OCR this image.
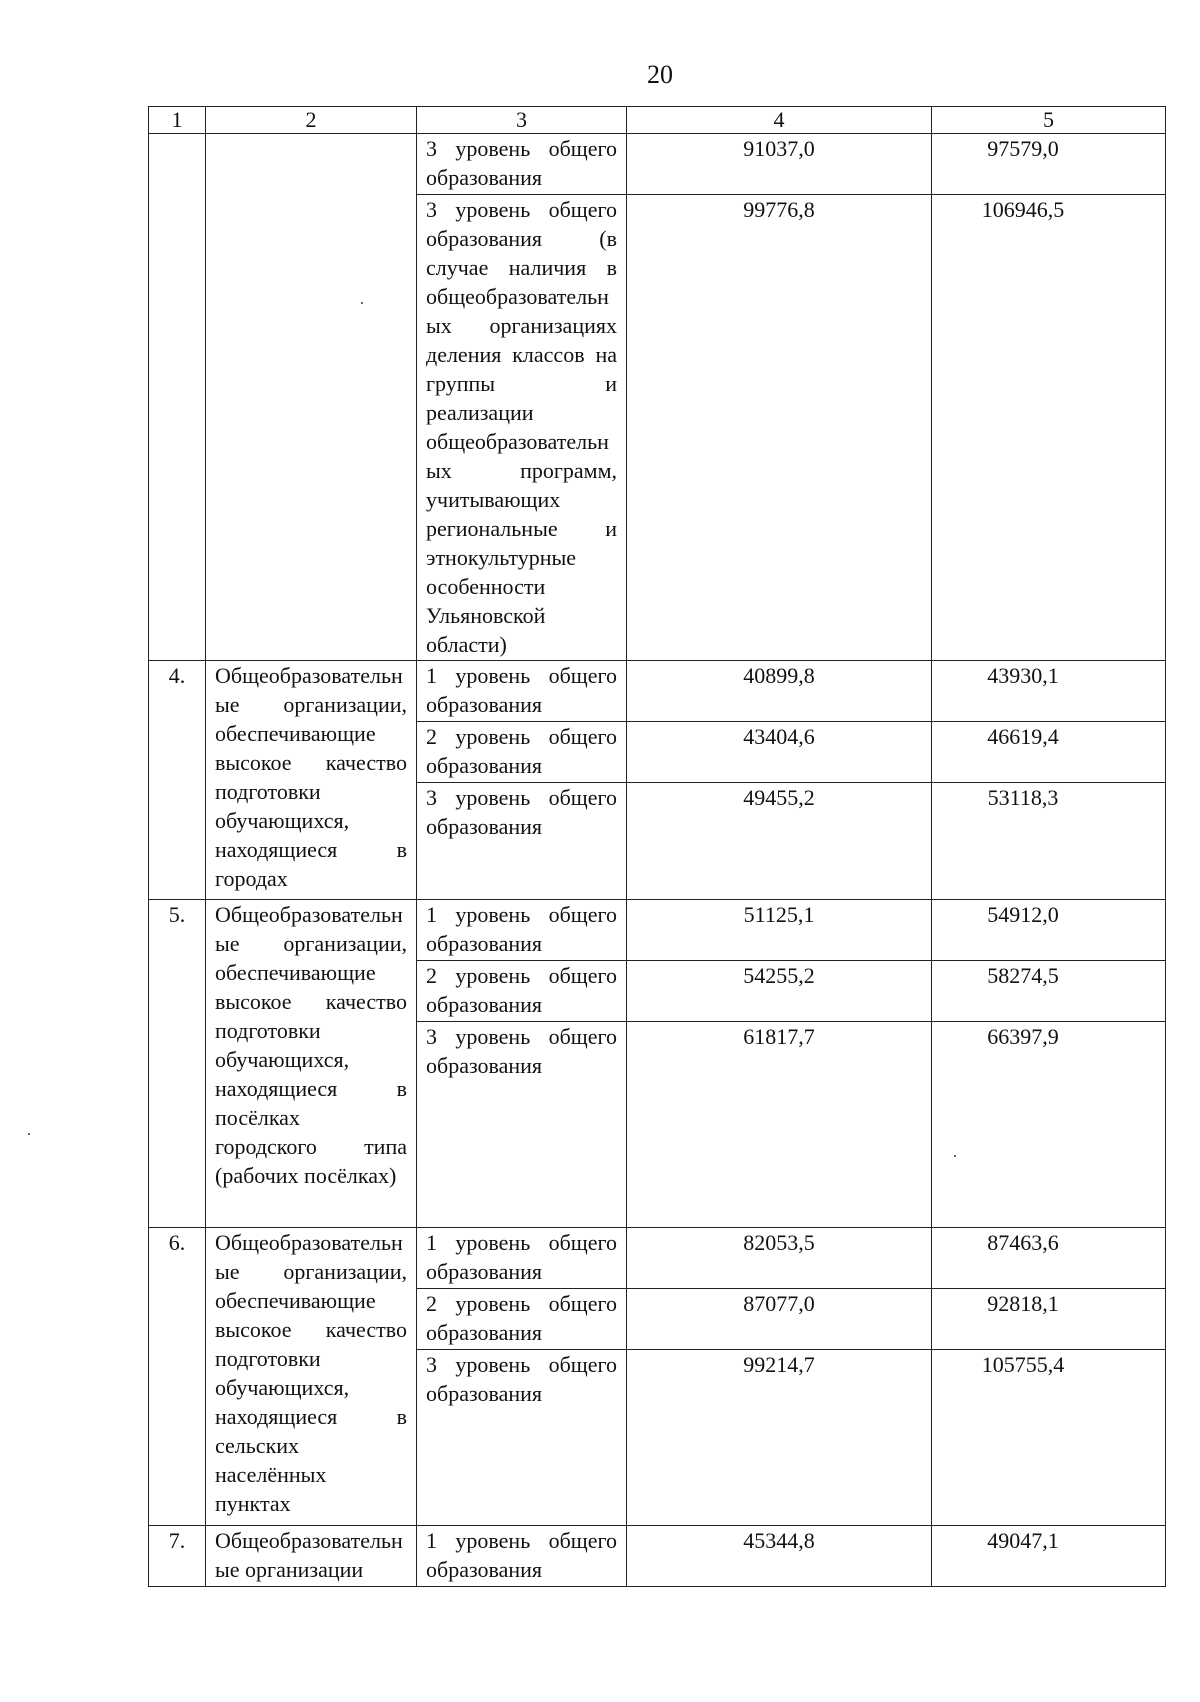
20
1	2	3	4	5
		3 уровень общего образования	91037,0	97579,0
		3 уровень общего образования (в случае наличия в общеобразовательных организациях деления классов на группы и реализации общеобразовательных программ, учитывающих региональные и этнокультурные особенности Ульяновской области)	99776,8	106946,5
4.	Общеобразовательные организации, обеспечивающие высокое качество подготовки обучающихся, находящиеся в городах	1 уровень общего образования	40899,8	43930,1
		2 уровень общего образования	43404,6	46619,4
		3 уровень общего образования	49455,2	53118,3
5.	Общеобразовательные организации, обеспечивающие высокое качество подготовки обучающихся, находящиеся в посёлках городского типа (рабочих посёлках)	1 уровень общего образования	51125,1	54912,0
		2 уровень общего образования	54255,2	58274,5
		3 уровень общего образования	61817,7	66397,9
6.	Общеобразовательные организации, обеспечивающие высокое качество подготовки обучающихся, находящиеся в сельских населённых пунктах	1 уровень общего образования	82053,5	87463,6
		2 уровень общего образования	87077,0	92818,1
		3 уровень общего образования	99214,7	105755,4
7.	Общеобразовательные организации	1 уровень общего образования	45344,8	49047,1
